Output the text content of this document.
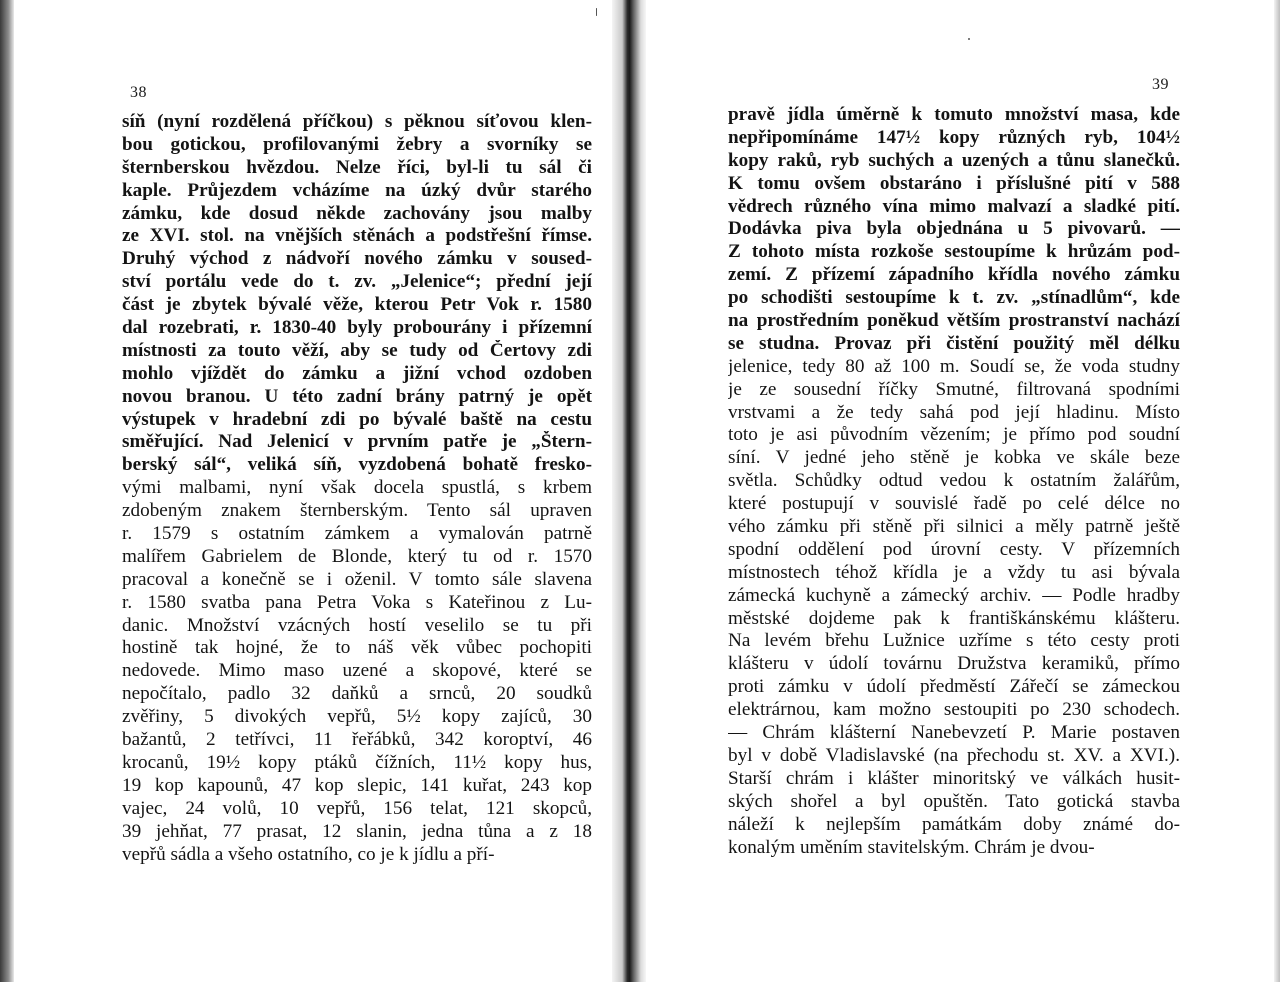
38
síň (nyní rozdělená příčkou) s pěknou síťovou klen-
bou gotickou, profilovanými žebry a svorníky se
šternberskou hvězdou. Nelze říci, byl-li tu sál či
kaple. Průjezdem vcházíme na úzký dvůr starého
zámku, kde dosud někde zachovány jsou malby
ze XVI. stol. na vnějších stěnách a podstřešní římse.
Druhý východ z nádvoří nového zámku v soused-
ství portálu vede do t. zv. „Jelenice“; přední její
část je zbytek bývalé věže, kterou Petr Vok r. 1580
dal rozebrati, r. 1830-40 byly probourány i přízemní
místnosti za touto věží, aby se tudy od Čertovy zdi
mohlo vjíždět do zámku a jižní vchod ozdoben
novou branou. U této zadní brány patrný je opět
výstupek v hradební zdi po bývalé baště na cestu
směřující. Nad Jelenicí v prvním patře je „Štern-
berský sál“, veliká síň, vyzdobená bohatě fresko-
vými malbami, nyní však docela spustlá, s krbem
zdobeným znakem šternberským. Tento sál upraven
r. 1579 s ostatním zámkem a vymalován patrně
malířem Gabrielem de Blonde, který tu od r. 1570
pracoval a konečně se i oženil. V tomto sále slavena
r. 1580 svatba pana Petra Voka s Kateřinou z Lu-
danic. Množství vzácných hostí veselilo se tu při
hostině tak hojné, že to náš věk vůbec pochopiti
nedovede. Mimo maso uzené a skopové, které se
nepočítalo, padlo 32 daňků a srnců, 20 soudků
zvěřiny, 5 divokých vepřů, 5½ kopy zajíců, 30
bažantů, 2 tetřívci, 11 řeřábků, 342 koroptví, 46
krocanů, 19½ kopy ptáků čížních, 11½ kopy hus,
19 kop kapounů, 47 kop slepic, 141 kuřat, 243 kop
vajec, 24 volů, 10 vepřů, 156 telat, 121 skopců,
39 jehňat, 77 prasat, 12 slanin, jedna tůna a z 18
vepřů sádla a všeho ostatního, co je k jídlu a pří-
39
pravě jídla úměrně k tomuto množství masa, kde
nepřipomínáme 147½ kopy různých ryb, 104½
kopy raků, ryb suchých a uzených a tůnu slanečků.
K tomu ovšem obstaráno i příslušné pití v 588
vědrech různého vína mimo malvazí a sladké pití.
Dodávka piva byla objednána u 5 pivovarů. —
Z tohoto místa rozkoše sestoupíme k hrůzám pod-
zemí. Z přízemí západního křídla nového zámku
po schodišti sestoupíme k t. zv. „stínadlům“, kde
na prostředním poněkud větším prostranství nachází
se studna. Provaz při čistění použitý měl délku
jelenice, tedy 80 až 100 m. Soudí se, že voda studny
je ze sousední říčky Smutné, filtrovaná spodními
vrstvami a že tedy sahá pod její hladinu. Místo
toto je asi původním vězením; je přímo pod soudní
síní. V jedné jeho stěně je kobka ve skále beze
světla. Schůdky odtud vedou k ostatním žalářům,
které postupují v souvislé řadě po celé délce no
vého zámku při stěně při silnici a měly patrně ještě
spodní oddělení pod úrovní cesty. V přízemních
místnostech téhož křídla je a vždy tu asi bývala
zámecká kuchyně a zámecký archiv. — Podle hradby
městské dojdeme pak k františkánskému klášteru.
Na levém břehu Lužnice uzříme s této cesty proti
klášteru v údolí továrnu Družstva keramiků, přímo
proti zámku v údolí předměstí Zářečí se zámeckou
elektrárnou, kam možno sestoupiti po 230 schodech.
— Chrám klášterní Nanebevzetí P. Marie postaven
byl v době Vladislavské (na přechodu st. XV. a XVI.).
Starší chrám i klášter minoritský ve válkách husit-
ských shořel a byl opuštěn. Tato gotická stavba
náleží k nejlepším památkám doby známé do-
konalým uměním stavitelským. Chrám je dvou-
